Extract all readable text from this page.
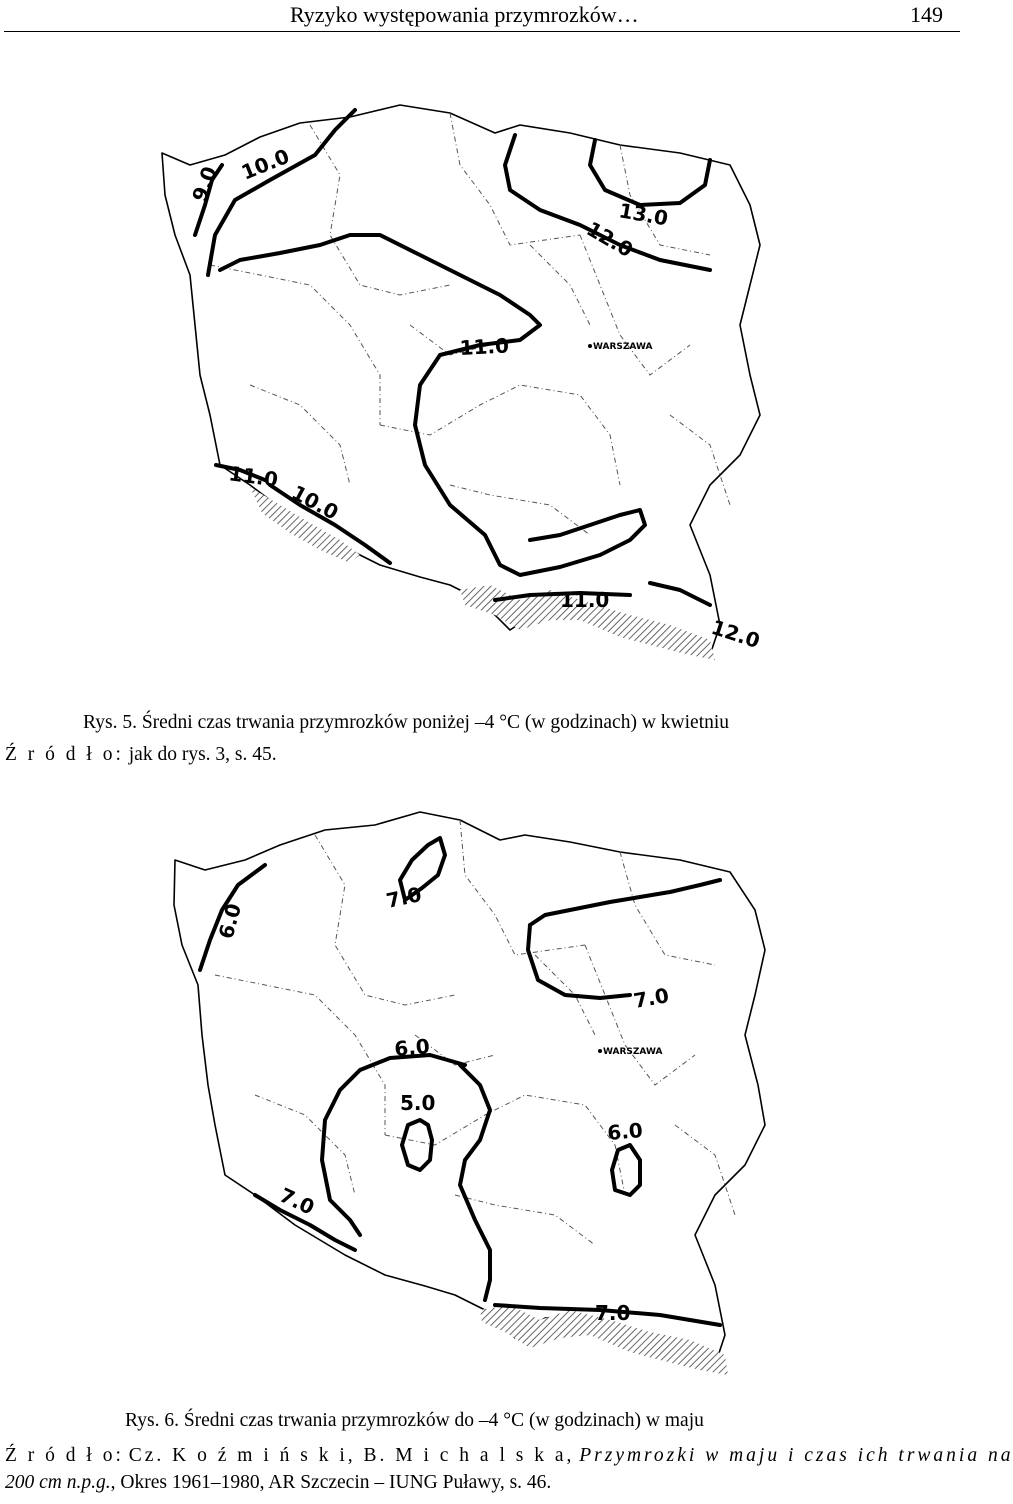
Ryzyko występowania przymrozków…	149
WARSZAWA
9.0 10.0
13.0
12.0
11.0
11.0
10.0
11.0
12.0
Rys. 5. Średni czas trwania przymrozków poniżej –4 °C (w godzinach) w kwietniu
Ź r ó d ł o: jak do rys. 3, s. 45.
WARSZAWA
6.0
7.0
7.0
6.0
5.0
6.0
7.0
7.0
Rys. 6. Średni czas trwania przymrozków do –4 °C (w godzinach) w maju
Ź r ó d ł o: Cz. K o ź m i ń s k i, B. M i c h a l s k a, Przymrozki w maju i czas ich trwania na
200 cm n.p.g., Okres 1961–1980, AR Szczecin – IUNG Puławy, s. 46.
